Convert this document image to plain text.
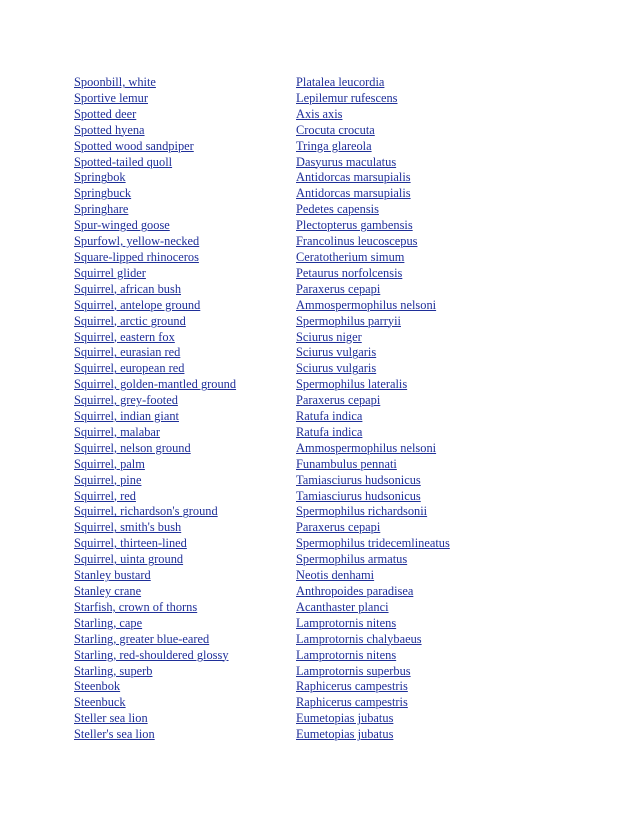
Spoonbill, white	Platalea leucordia
Sportive lemur	Lepilemur rufescens
Spotted deer	Axis axis
Spotted hyena	Crocuta crocuta
Spotted wood sandpiper	Tringa glareola
Spotted-tailed quoll	Dasyurus maculatus
Springbok	Antidorcas marsupialis
Springbuck	Antidorcas marsupialis
Springhare	Pedetes capensis
Spur-winged goose	Plectopterus gambensis
Spurfowl, yellow-necked	Francolinus leucoscepus
Square-lipped rhinoceros	Ceratotherium simum
Squirrel glider	Petaurus norfolcensis
Squirrel, african bush	Paraxerus cepapi
Squirrel, antelope ground	Ammospermophilus nelsoni
Squirrel, arctic ground	Spermophilus parryii
Squirrel, eastern fox	Sciurus niger
Squirrel, eurasian red	Sciurus vulgaris
Squirrel, european red	Sciurus vulgaris
Squirrel, golden-mantled ground	Spermophilus lateralis
Squirrel, grey-footed	Paraxerus cepapi
Squirrel, indian giant	Ratufa indica
Squirrel, malabar	Ratufa indica
Squirrel, nelson ground	Ammospermophilus nelsoni
Squirrel, palm	Funambulus pennati
Squirrel, pine	Tamiasciurus hudsonicus
Squirrel, red	Tamiasciurus hudsonicus
Squirrel, richardson's ground	Spermophilus richardsonii
Squirrel, smith's bush	Paraxerus cepapi
Squirrel, thirteen-lined	Spermophilus tridecemlineatus
Squirrel, uinta ground	Spermophilus armatus
Stanley bustard	Neotis denhami
Stanley crane	Anthropoides paradisea
Starfish, crown of thorns	Acanthaster planci
Starling, cape	Lamprotornis nitens
Starling, greater blue-eared	Lamprotornis chalybaeus
Starling, red-shouldered glossy	Lamprotornis nitens
Starling, superb	Lamprotornis superbus
Steenbok	Raphicerus campestris
Steenbuck	Raphicerus campestris
Steller sea lion	Eumetopias jubatus
Steller's sea lion	Eumetopias jubatus
